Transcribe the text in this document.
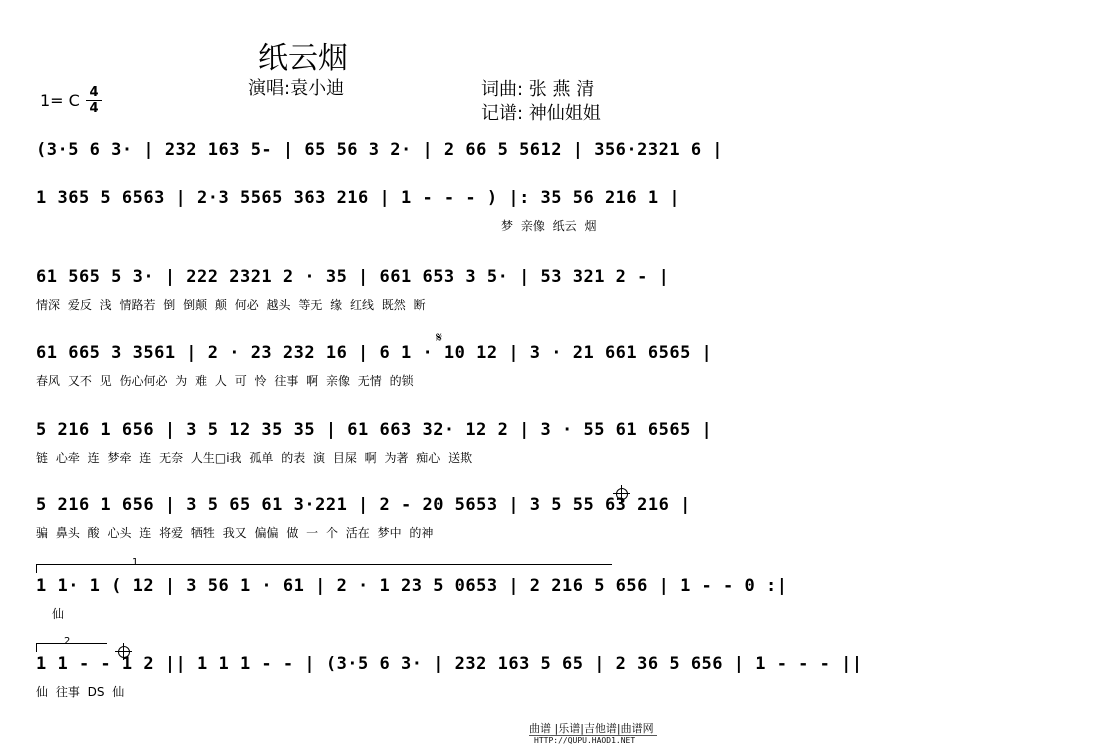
纸云烟
演唱:袁小迪
1= C $\frac{4}{4}$	词曲: 张 燕 清
记谱: 神仙姐姐
(3·5 6 3· | 232 163 5- | 65 56 3 2· | 2 66 5 5612 | 356·2321 6 |
1 365 5 6563 | 2·3 5565 363 216 | 1 - - - ) |: 35 56 216 1 |
梦 亲像 纸云 烟
61 565 5 3· | 222 2321 2 · 35 | 661 653 3 5· | 53 321 2 - |
情深 爱反 浅 情路若 倒 倒颠 颠 何必 越头 等无 缘 红线 既然 断
𝄋
61 665 3 3561 | 2 · 23 232 16 | 6 1 · 10 12 | 3 · 21 661 6565 |
春风 又不 见 伤心何必 为 难 人 可 怜 往事 啊 亲像 无情 的锁
5 216 1 656 | 3 5 12 35 35 | 61 663 32· 12 2 | 3 · 55 61 6565 |
链 心牵 连 梦牵 连 无奈 人生□i我 孤单 的表 演 目屎 啊 为著 痴心 送欺
5 216 1 656 | 3 5 65 61 3·221 | 2 - 20 5653 | 3 5 55 63 216 |
骗 鼻头 酸 心头 连 将爱 牺牲 我又 偏偏 做 一 个 活在 梦中 的神
1
1 1· 1 ( 12 | 3 56 1 · 61 | 2 · 1 23 5 0653 | 2 216 5 656 | 1 - - 0 :|
仙
2
1 1 - - 1 2 || 1 1 1 - - | (3·5 6 3· | 232 163 5 65 | 2 36 5 656 | 1 - - - ||
仙 往事 DS 仙
曲谱 |乐谱|吉他谱|曲谱网
HTTP://QUPU.HAOD1.NET
